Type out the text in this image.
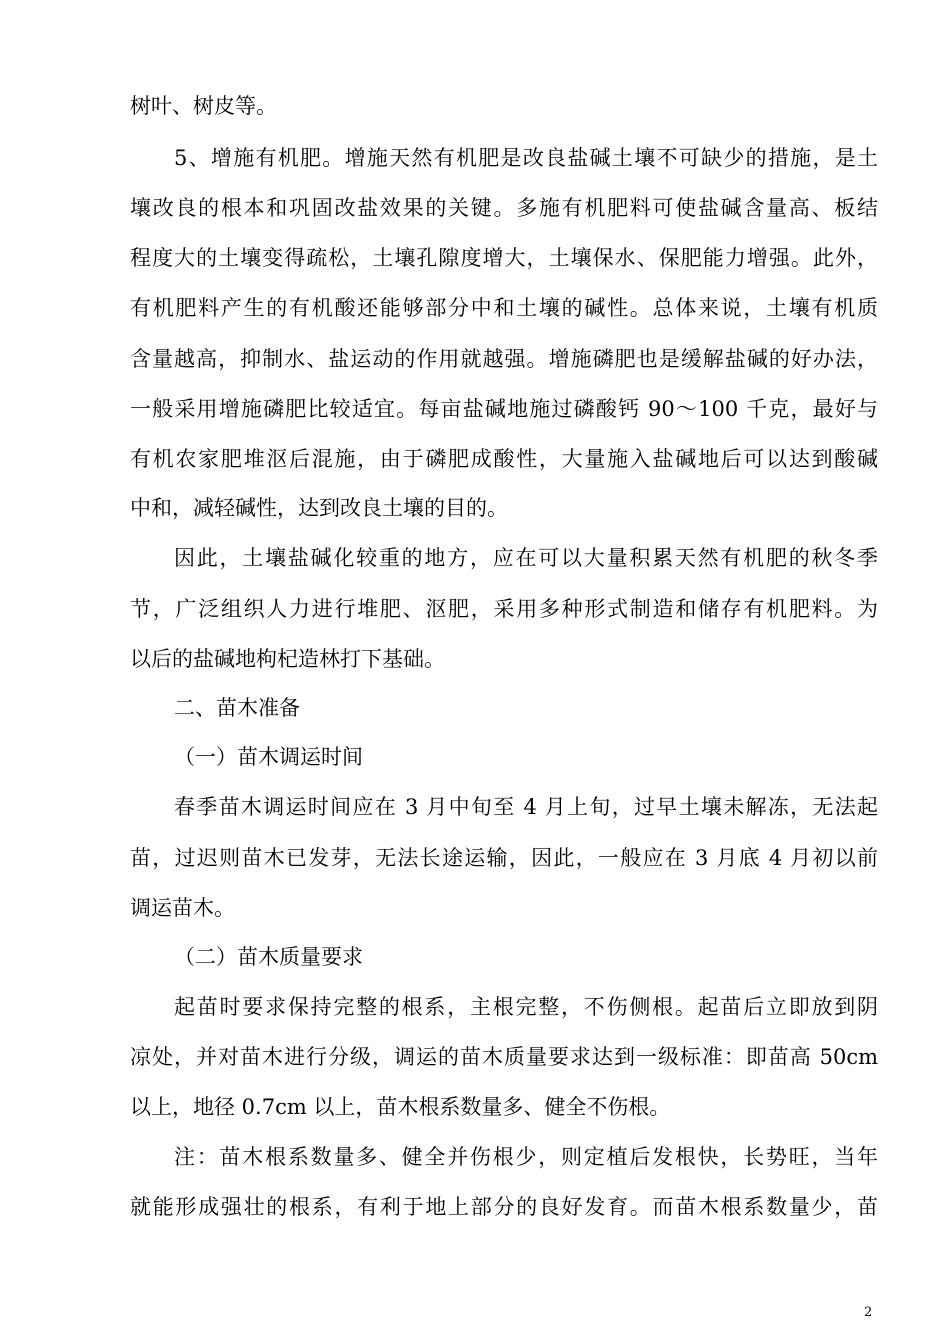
树叶、树皮等。
5、增施有机肥。增施天然有机肥是改良盐碱土壤不可缺少的措施，是土
壤改良的根本和巩固改盐效果的关键。多施有机肥料可使盐碱含量高、板结
程度大的土壤变得疏松，土壤孔隙度增大，土壤保水、保肥能力增强。此外，
有机肥料产生的有机酸还能够部分中和土壤的碱性。总体来说，土壤有机质
含量越高，抑制水、盐运动的作用就越强。增施磷肥也是缓解盐碱的好办法，
一般采用增施磷肥比较适宜。每亩盐碱地施过磷酸钙 90～100 千克，最好与
有机农家肥堆沤后混施，由于磷肥成酸性，大量施入盐碱地后可以达到酸碱
中和，减轻碱性，达到改良土壤的目的。
因此，土壤盐碱化较重的地方，应在可以大量积累天然有机肥的秋冬季
节，广泛组织人力进行堆肥、沤肥，采用多种形式制造和储存有机肥料。为
以后的盐碱地枸杞造林打下基础。
二、苗木准备
（一）苗木调运时间
春季苗木调运时间应在 3 月中旬至 4 月上旬，过早土壤未解冻，无法起
苗，过迟则苗木已发芽，无法长途运输，因此，一般应在 3 月底 4 月初以前
调运苗木。
（二）苗木质量要求
起苗时要求保持完整的根系，主根完整，不伤侧根。起苗后立即放到阴
凉处，并对苗木进行分级，调运的苗木质量要求达到一级标准：即苗高 50cm
以上，地径 0.7cm 以上，苗木根系数量多、健全不伤根。
注：苗木根系数量多、健全并伤根少，则定植后发根快，长势旺，当年
就能形成强壮的根系，有利于地上部分的良好发育。而苗木根系数量少，苗
2
